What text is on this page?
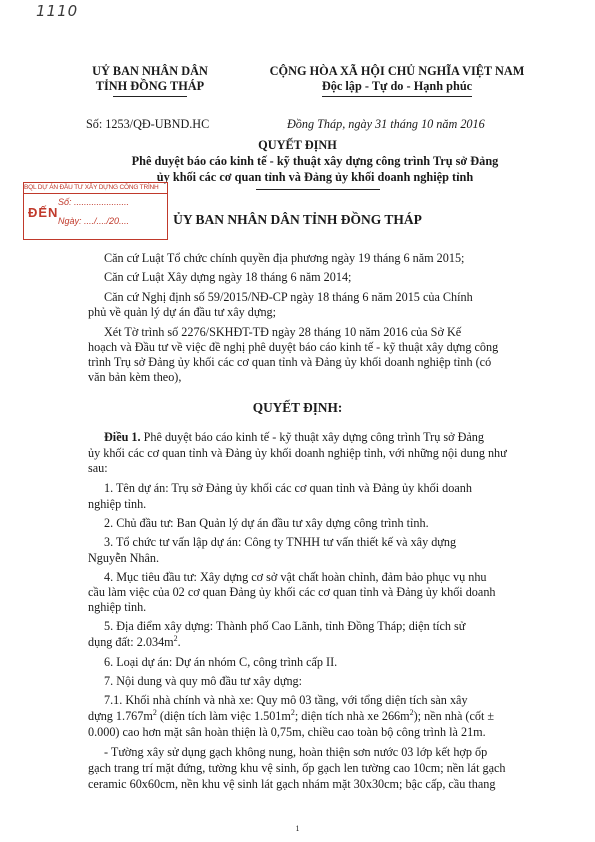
1110
UỶ BAN NHÂN DÂN
TỈNH ĐỒNG THÁP
CỘNG HÒA XÃ HỘI CHỦ NGHĨA VIỆT NAM
Độc lập - Tự do - Hạnh phúc
Số: 1253/QĐ-UBND.HC	Đồng Tháp, ngày 31 tháng 10 năm 2016
QUYẾT ĐỊNH
Phê duyệt báo cáo kinh tế - kỹ thuật xây dựng công trình Trụ sở Đảng
ủy khối các cơ quan tỉnh và Đảng ủy khối doanh nghiệp tỉnh
BQL DỰ ÁN ĐẦU TƯ XÂY DỰNG CÔNG TRÌNH
ĐẾN
Số: ......................
Ngày: ..../..../20....	ỦY BAN NHÂN DÂN TỈNH ĐỒNG THÁP
Căn cứ Luật Tổ chức chính quyền địa phương ngày 19 tháng 6 năm 2015;
Căn cứ Luật Xây dựng ngày 18 tháng 6 năm 2014;
Căn cứ Nghị định số 59/2015/NĐ-CP ngày 18 tháng 6 năm 2015 của Chính
phủ về quản lý dự án đầu tư xây dựng;
Xét Tờ trình số 2276/SKHĐT-TĐ ngày 28 tháng 10 năm 2016 của Sở Kế
hoạch và Đầu tư về việc đề nghị phê duyệt báo cáo kinh tế - kỹ thuật xây dựng công
trình Trụ sở Đảng ủy khối các cơ quan tỉnh và Đảng ủy khối doanh nghiệp tỉnh (có
văn bản kèm theo),
QUYẾT ĐỊNH:
Điều 1. Phê duyệt báo cáo kinh tế - kỹ thuật xây dựng công trình Trụ sở Đảng
ủy khối các cơ quan tỉnh và Đảng ủy khối doanh nghiệp tỉnh, với những nội dung như
sau:
1. Tên dự án: Trụ sở Đảng ủy khối các cơ quan tỉnh và Đảng ủy khối doanh
nghiệp tỉnh.
2. Chủ đầu tư: Ban Quản lý dự án đầu tư xây dựng công trình tỉnh.
3. Tổ chức tư vấn lập dự án: Công ty TNHH tư vấn thiết kế và xây dựng
Nguyễn Nhân.
4. Mục tiêu đầu tư: Xây dựng cơ sở vật chất hoàn chỉnh, đảm bảo phục vụ nhu
cầu làm việc của 02 cơ quan Đảng ủy khối các cơ quan tỉnh và Đảng ủy khối doanh
nghiệp tỉnh.
5. Địa điểm xây dựng: Thành phố Cao Lãnh, tỉnh Đồng Tháp; diện tích sử
dụng đất: $2.034m^2$.
6. Loại dự án: Dự án nhóm C, công trình cấp II.
7. Nội dung và quy mô đầu tư xây dựng:
7.1. Khối nhà chính và nhà xe: Quy mô 03 tầng, với tổng diện tích sàn xây
dựng $1.767m^2$ (diện tích làm việc $1.501m^2$; diện tích nhà xe $266m^2$); nền nhà (cốt ±
0.000) cao hơn mặt sân hoàn thiện là 0,75m, chiều cao toàn bộ công trình là 21m.
- Tường xây sử dụng gạch không nung, hoàn thiện sơn nước 03 lớp kết hợp ốp
gạch trang trí mặt đứng, tường khu vệ sinh, ốp gạch len tường cao 10cm; nền lát gạch
ceramic 60x60cm, nền khu vệ sinh lát gạch nhám mặt 30x30cm; bậc cấp, cầu thang
1
